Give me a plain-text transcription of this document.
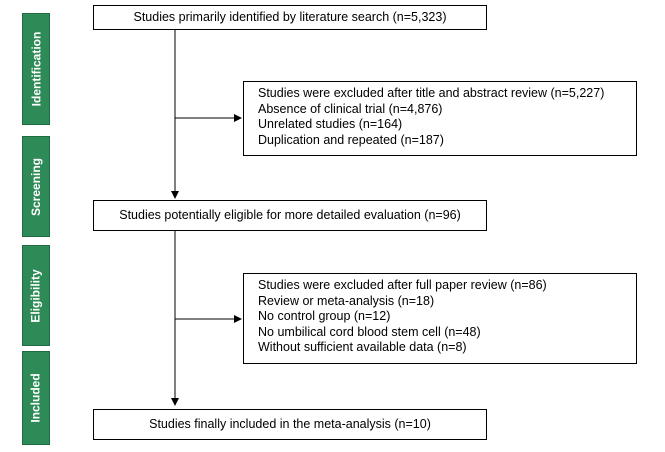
Identification
Screening
Eligibility
Included
Studies primarily identified by literature search (n=5,323)
Studies were excluded after title and abstract review (n=5,227)
Absence of clinical trial (n=4,876)
Unrelated studies (n=164)
Duplication and repeated (n=187)
Studies potentially eligible for more detailed evaluation (n=96)
Studies were excluded after full paper review (n=86)
Review or meta-analysis (n=18)
No control group (n=12)
No umbilical cord blood stem cell (n=48)
Without sufficient available data (n=8)
Studies finally included in the meta-analysis (n=10)
